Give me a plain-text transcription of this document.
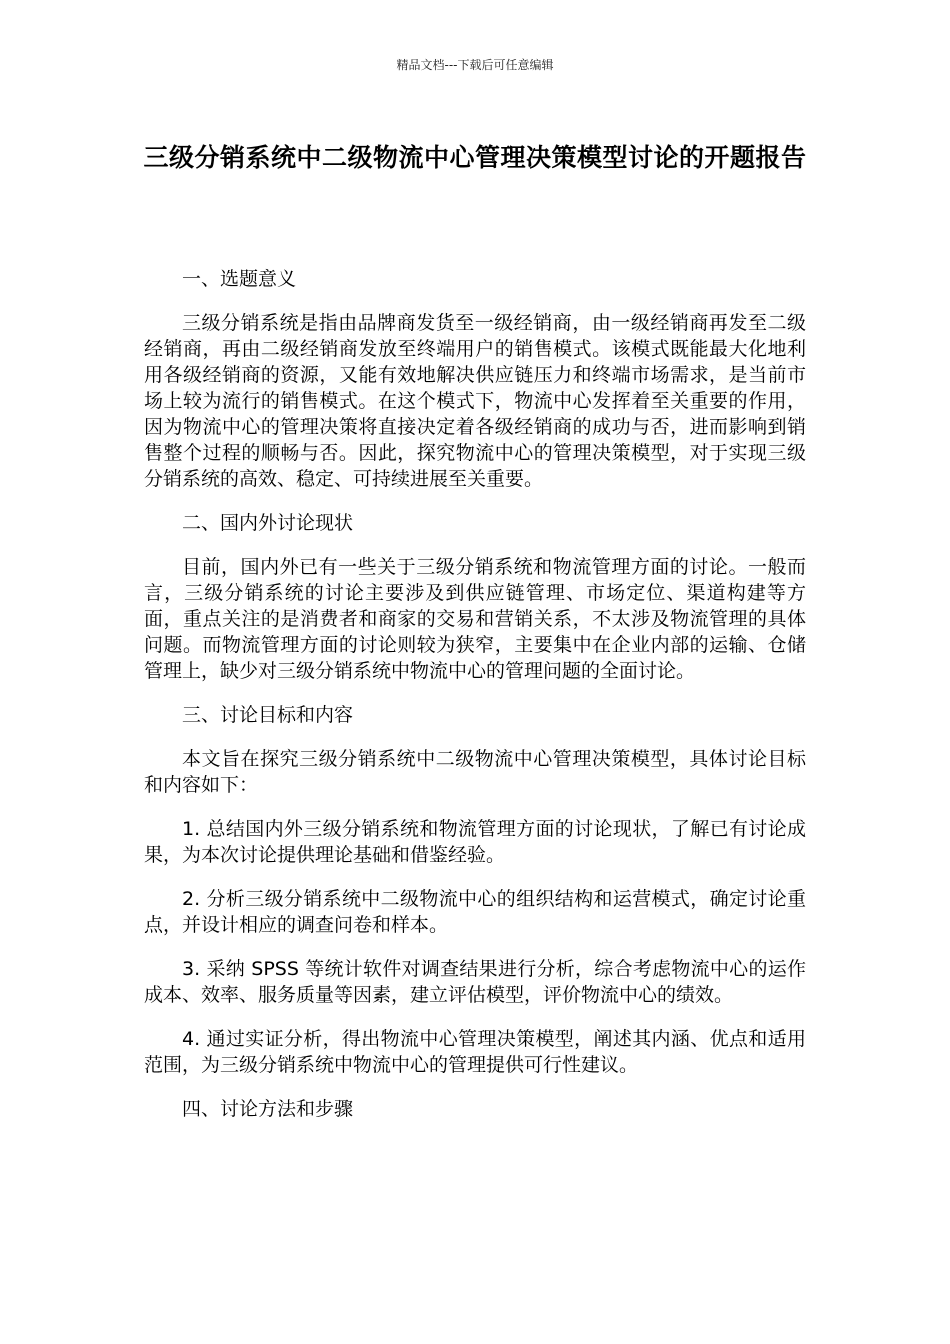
精品文档---下载后可任意编辑
三级分销系统中二级物流中心管理决策模型讨论的开题报告

一、选题意义

三级分销系统是指由品牌商发货至一级经销商，由一级经销商再发至二级经销商，再由二级经销商发放至终端用户的销售模式。该模式既能最大化地利用各级经销商的资源，又能有效地解决供应链压力和终端市场需求，是当前市场上较为流行的销售模式。在这个模式下，物流中心发挥着至关重要的作用，因为物流中心的管理决策将直接决定着各级经销商的成功与否，进而影响到销售整个过程的顺畅与否。因此，探究物流中心的管理决策模型，对于实现三级分销系统的高效、稳定、可持续进展至关重要。

二、国内外讨论现状

目前，国内外已有一些关于三级分销系统和物流管理方面的讨论。一般而言，三级分销系统的讨论主要涉及到供应链管理、市场定位、渠道构建等方面，重点关注的是消费者和商家的交易和营销关系，不太涉及物流管理的具体问题。而物流管理方面的讨论则较为狭窄，主要集中在企业内部的运输、仓储管理上，缺少对三级分销系统中物流中心的管理问题的全面讨论。

三、讨论目标和内容

本文旨在探究三级分销系统中二级物流中心管理决策模型，具体讨论目标和内容如下：

1. 总结国内外三级分销系统和物流管理方面的讨论现状，了解已有讨论成果，为本次讨论提供理论基础和借鉴经验。

2. 分析三级分销系统中二级物流中心的组织结构和运营模式，确定讨论重点，并设计相应的调查问卷和样本。

3. 采纳 SPSS 等统计软件对调查结果进行分析，综合考虑物流中心的运作成本、效率、服务质量等因素，建立评估模型，评价物流中心的绩效。

4. 通过实证分析，得出物流中心管理决策模型，阐述其内涵、优点和适用范围，为三级分销系统中物流中心的管理提供可行性建议。

四、讨论方法和步骤
